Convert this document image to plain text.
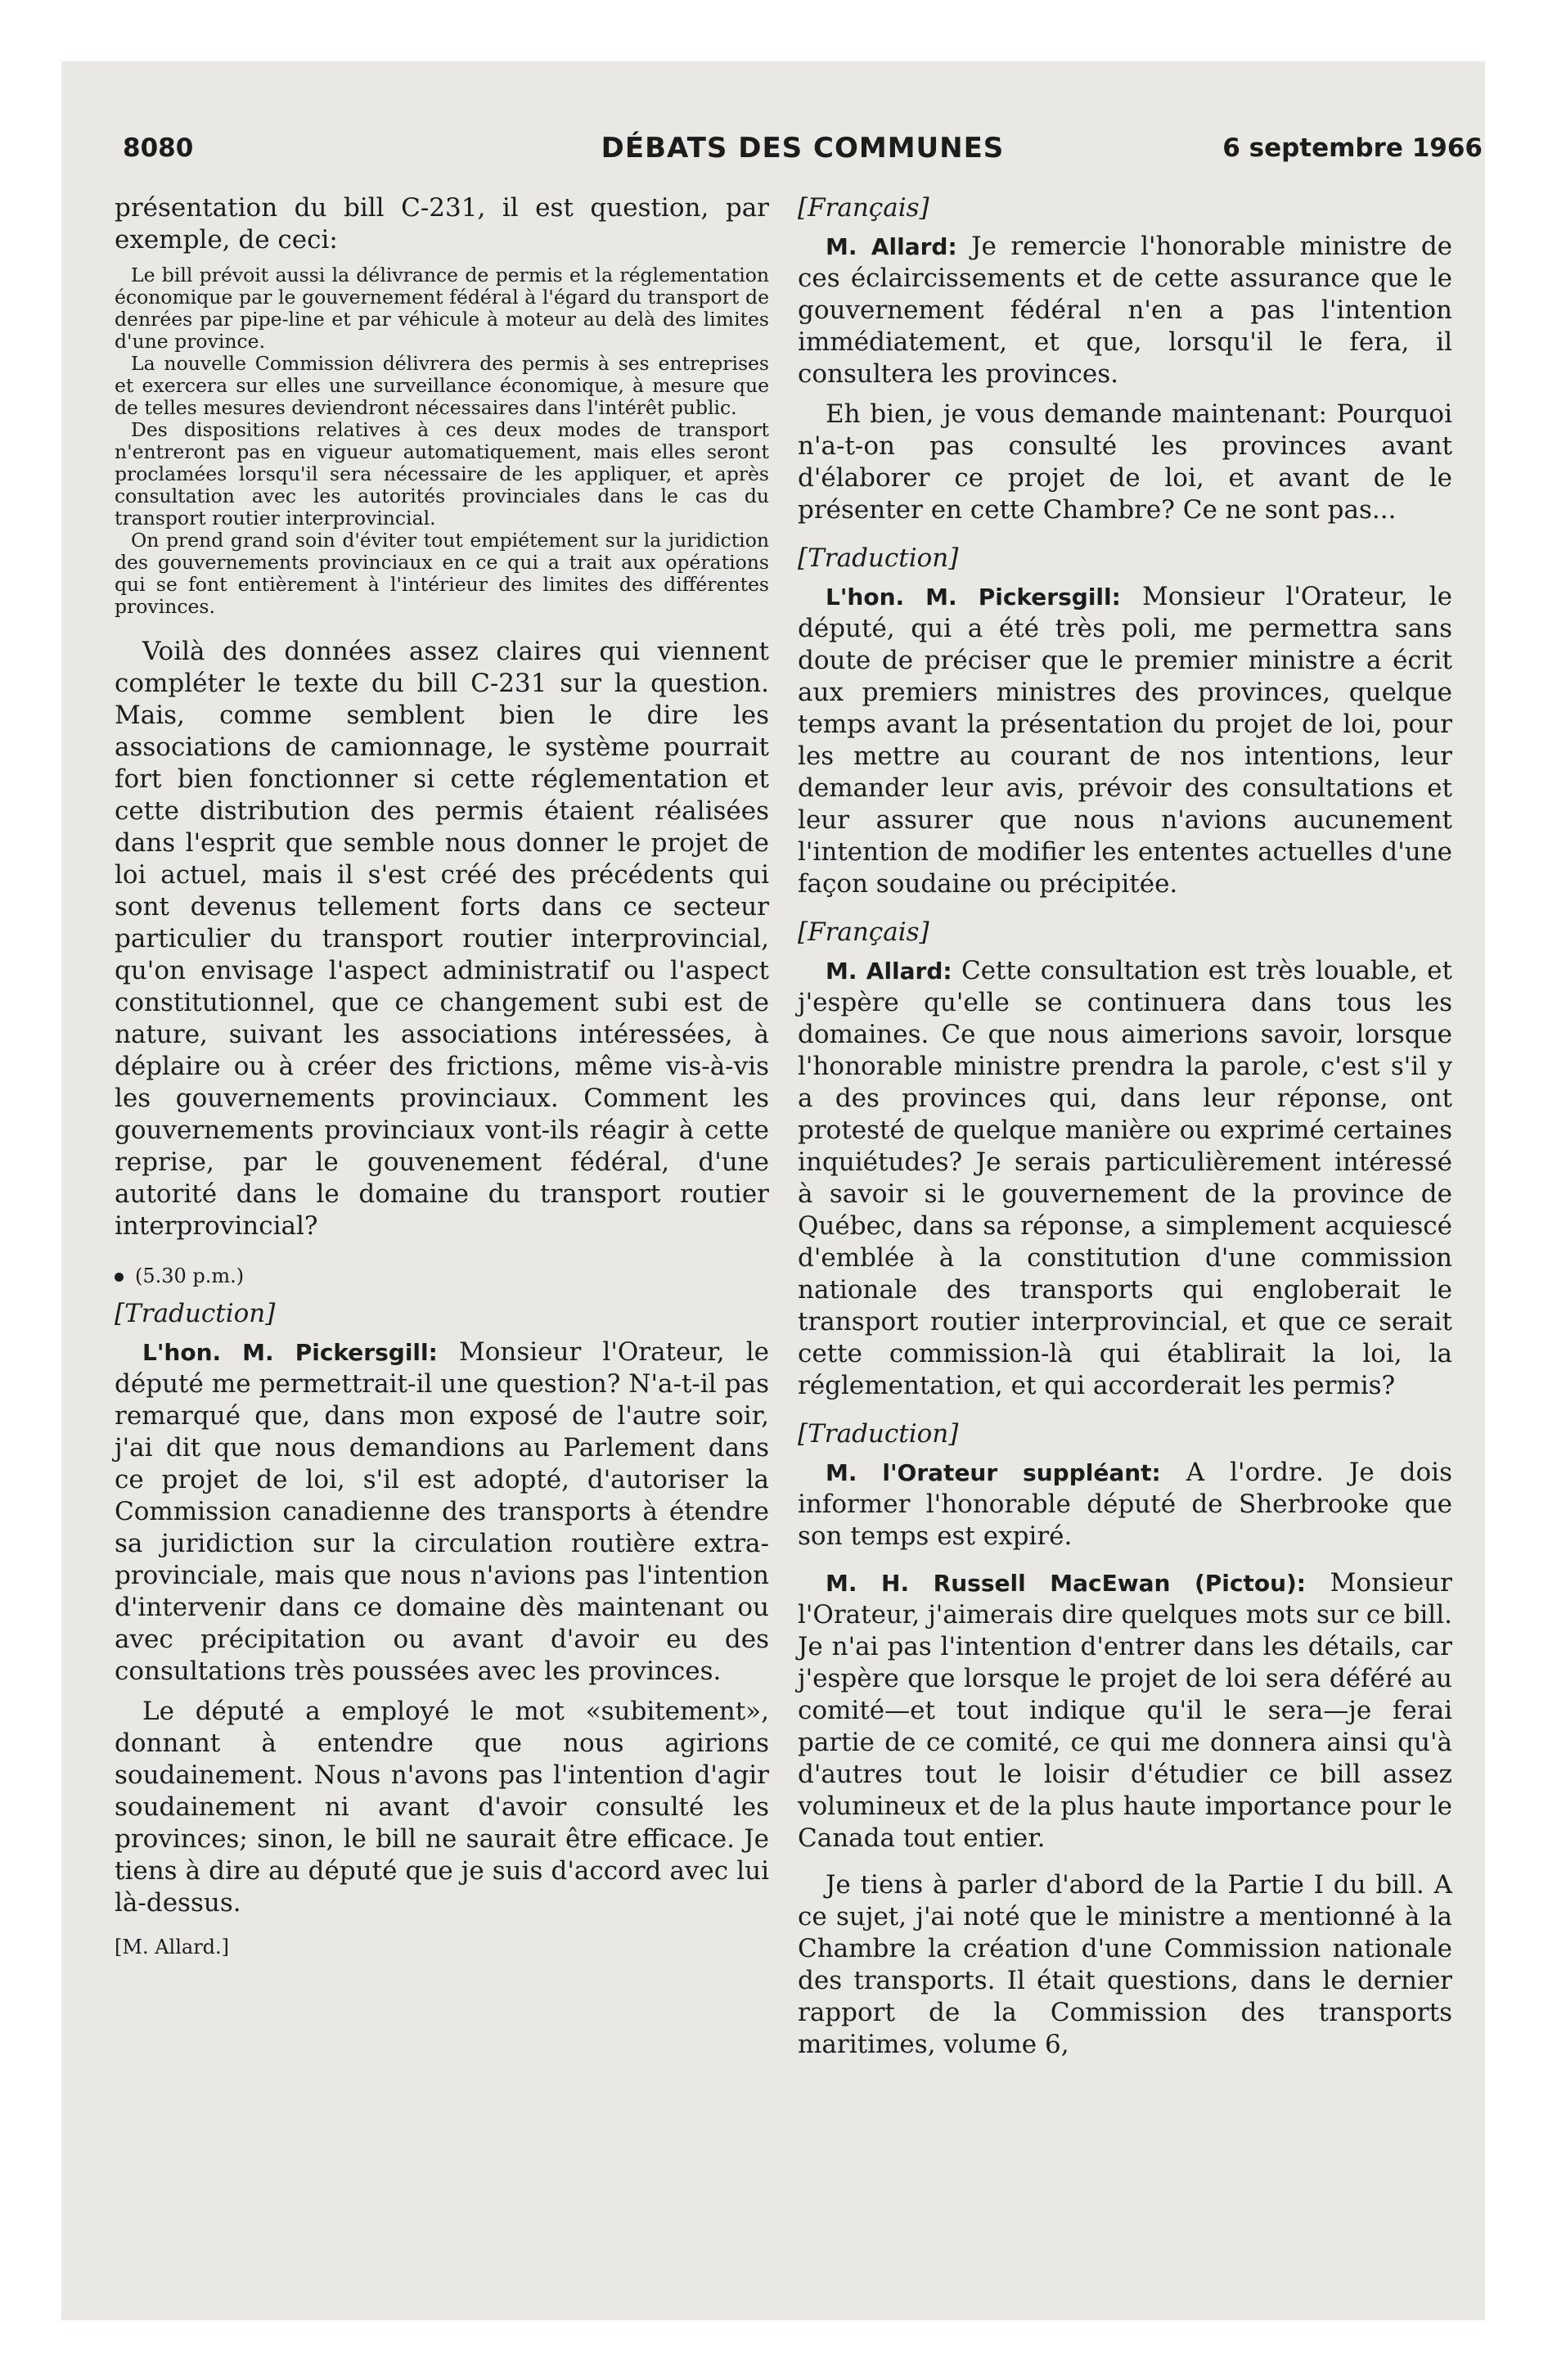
8080	DÉBATS DES COMMUNES	6 septembre 1966

présentation du bill C-231, il est question, par exemple, de ceci:

Le bill prévoit aussi la délivrance de permis et la réglementation économique par le gouvernement fédéral à l'égard du transport de denrées par pipe-line et par véhicule à moteur au delà des limites d'une province.

La nouvelle Commission délivrera des permis à ses entreprises et exercera sur elles une surveillance économique, à mesure que de telles mesures deviendront nécessaires dans l'intérêt public.

Des dispositions relatives à ces deux modes de transport n'entreront pas en vigueur automatiquement, mais elles seront proclamées lorsqu'il sera nécessaire de les appliquer, et après consultation avec les autorités provinciales dans le cas du transport routier interprovincial.

On prend grand soin d'éviter tout empiétement sur la juridiction des gouvernements provinciaux en ce qui a trait aux opérations qui se font entièrement à l'intérieur des limites des différentes provinces.

Voilà des données assez claires qui viennent compléter le texte du bill C-231 sur la question. Mais, comme semblent bien le dire les associations de camionnage, le système pourrait fort bien fonctionner si cette réglementation et cette distribution des permis étaient réalisées dans l'esprit que semble nous donner le projet de loi actuel, mais il s'est créé des précédents qui sont devenus tellement forts dans ce secteur particulier du transport routier interprovincial, qu'on envisage l'aspect administratif ou l'aspect constitutionnel, que ce changement subi est de nature, suivant les associations intéressées, à déplaire ou à créer des frictions, même vis-à-vis les gouvernements provinciaux. Comment les gouvernements provinciaux vont-ils réagir à cette reprise, par le gouvenement fédéral, d'une autorité dans le domaine du transport routier interprovincial?

(5.30 p.m.)

[Traduction]

L'hon. M. Pickersgill: Monsieur l'Orateur, le député me permettrait-il une question? N'a-t-il pas remarqué que, dans mon exposé de l'autre soir, j'ai dit que nous demandions au Parlement dans ce projet de loi, s'il est adopté, d'autoriser la Commission canadienne des transports à étendre sa juridiction sur la circulation routière extra-provinciale, mais que nous n'avions pas l'intention d'intervenir dans ce domaine dès maintenant ou avec précipitation ou avant d'avoir eu des consultations très poussées avec les provinces.

Le député a employé le mot «subitement», donnant à entendre que nous agirions soudainement. Nous n'avons pas l'intention d'agir soudainement ni avant d'avoir consulté les provinces; sinon, le bill ne saurait être efficace. Je tiens à dire au député que je suis d'accord avec lui là-dessus.

[M. Allard.]

[Français]

M. Allard: Je remercie l'honorable ministre de ces éclaircissements et de cette assurance que le gouvernement fédéral n'en a pas l'intention immédiatement, et que, lorsqu'il le fera, il consultera les provinces.

Eh bien, je vous demande maintenant: Pourquoi n'a-t-on pas consulté les provinces avant d'élaborer ce projet de loi, et avant de le présenter en cette Chambre? Ce ne sont pas...

[Traduction]

L'hon. M. Pickersgill: Monsieur l'Orateur, le député, qui a été très poli, me permettra sans doute de préciser que le premier ministre a écrit aux premiers ministres des provinces, quelque temps avant la présentation du projet de loi, pour les mettre au courant de nos intentions, leur demander leur avis, prévoir des consultations et leur assurer que nous n'avions aucunement l'intention de modifier les ententes actuelles d'une façon soudaine ou précipitée.

[Français]

M. Allard: Cette consultation est très louable, et j'espère qu'elle se continuera dans tous les domaines. Ce que nous aimerions savoir, lorsque l'honorable ministre prendra la parole, c'est s'il y a des provinces qui, dans leur réponse, ont protesté de quelque manière ou exprimé certaines inquiétudes? Je serais particulièrement intéressé à savoir si le gouvernement de la province de Québec, dans sa réponse, a simplement acquiescé d'emblée à la constitution d'une commission nationale des transports qui engloberait le transport routier interprovincial, et que ce serait cette commission-là qui établirait la loi, la réglementation, et qui accorderait les permis?

[Traduction]

M. l'Orateur suppléant: A l'ordre. Je dois informer l'honorable député de Sherbrooke que son temps est expiré.

M. H. Russell MacEwan (Pictou): Monsieur l'Orateur, j'aimerais dire quelques mots sur ce bill. Je n'ai pas l'intention d'entrer dans les détails, car j'espère que lorsque le projet de loi sera déféré au comité—et tout indique qu'il le sera—je ferai partie de ce comité, ce qui me donnera ainsi qu'à d'autres tout le loisir d'étudier ce bill assez volumineux et de la plus haute importance pour le Canada tout entier.

Je tiens à parler d'abord de la Partie I du bill. A ce sujet, j'ai noté que le ministre a mentionné à la Chambre la création d'une Commission nationale des transports. Il était questions, dans le dernier rapport de la Commission des transports maritimes, volume 6,
